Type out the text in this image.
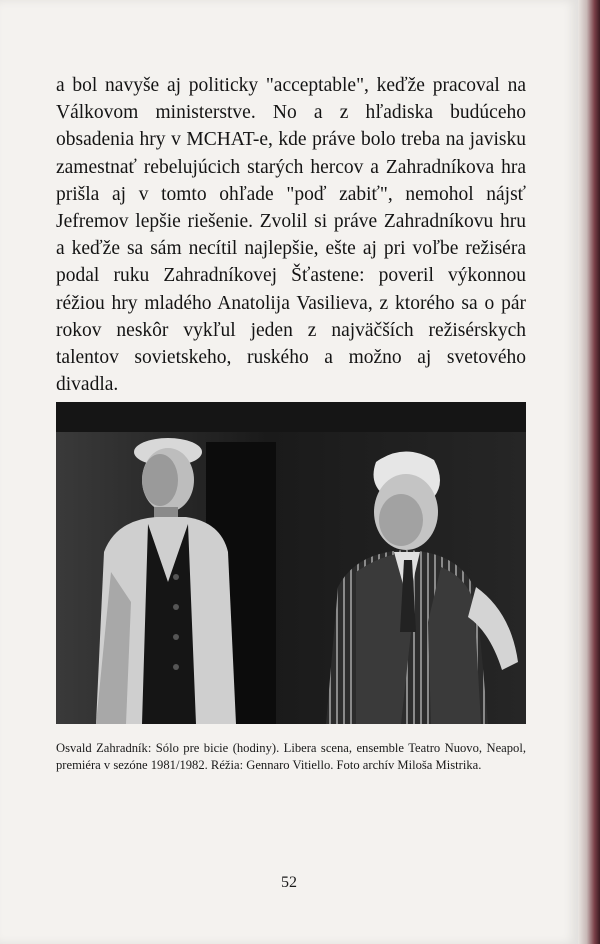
a bol navyše aj politicky "acceptable", keďže pracoval na Válkovom ministerstve. No a z hľadiska budúceho obsadenia hry v MCHAT-e, kde práve bolo treba na javisku zamestnať rebelujúcich starých hercov a Zahradníkova hra prišla aj v tomto ohľade "poď zabiť", nemohol nájsť Jefremov lepšie riešenie. Zvolil si práve Zahradníkovu hru a keďže sa sám necítil najlepšie, ešte aj pri voľbe režiséra podal ruku Zahradníkovej Šťastene: poveril výkonnou réžiou hry mladého Anatolija Vasilieva, z ktorého sa o pár rokov neskôr vykľul jeden z najväčších režisérskych talentov sovietskeho, ruského a možno aj svetového divadla.

Osvald Zahradník: Sólo pre bicie (hodiny). Libera scena, ensemble Teatro Nuovo, Neapol, premiéra v sezóne 1981/1982. Réžia: Gennaro Vitiello. Foto archív Miloša Mistrika.
52
